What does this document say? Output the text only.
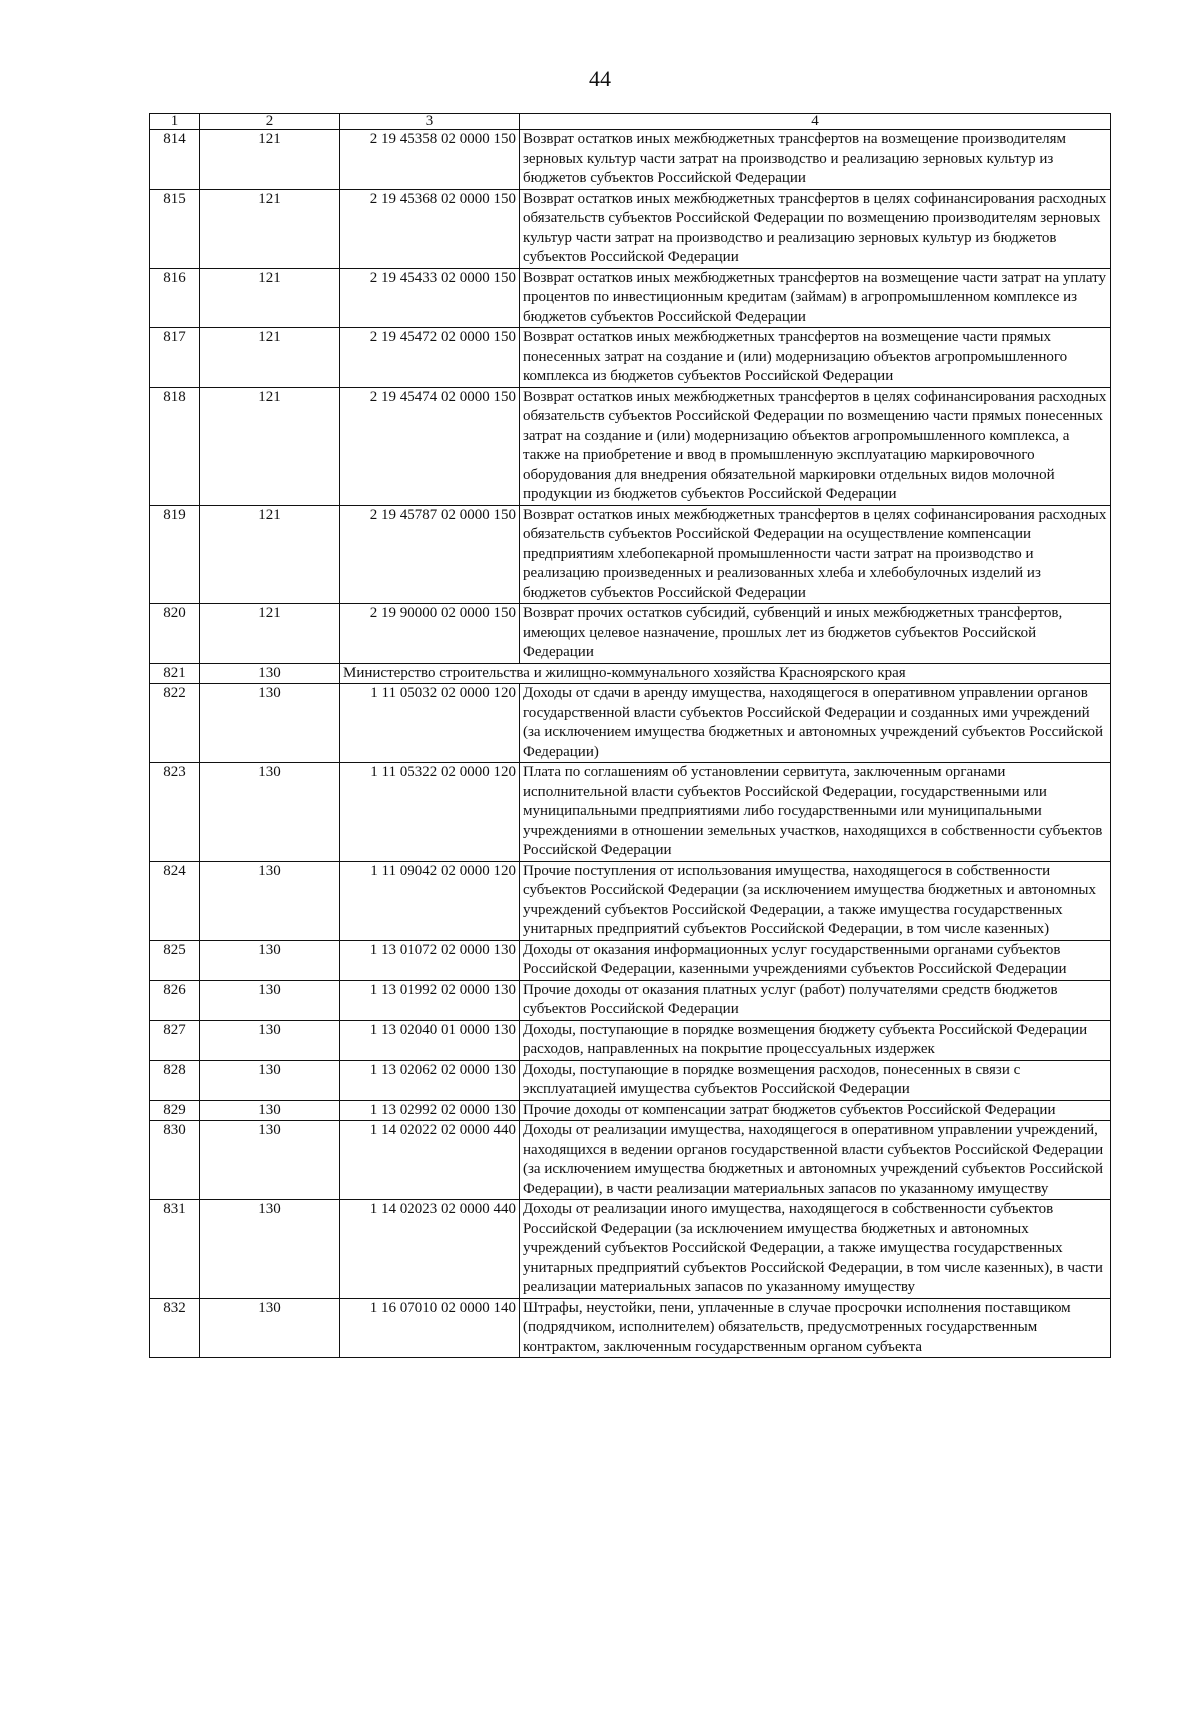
44
1	2	3	4
814	121	2 19 45358 02 0000 150	Возврат остатков иных межбюджетных трансфертов на возмещение производителям зерновых культур части затрат на производство и реализацию зерновых культур из бюджетов субъектов Российской Федерации
815	121	2 19 45368 02 0000 150	Возврат остатков иных межбюджетных трансфертов в целях софинансирования расходных обязательств субъектов Российской Федерации по возмещению производителям зерновых культур части затрат на производство и реализацию зерновых культур из бюджетов субъектов Российской Федерации
816	121	2 19 45433 02 0000 150	Возврат остатков иных межбюджетных трансфертов на возмещение части затрат на уплату процентов по инвестиционным кредитам (займам) в агропромышленном комплексе из бюджетов субъектов Российской Федерации
817	121	2 19 45472 02 0000 150	Возврат остатков иных межбюджетных трансфертов на возмещение части прямых понесенных затрат на создание и (или) модернизацию объектов агропромышленного комплекса из бюджетов субъектов Российской Федерации
818	121	2 19 45474 02 0000 150	Возврат остатков иных межбюджетных трансфертов в целях софинансирования расходных обязательств субъектов Российской Федерации по возмещению части прямых понесенных затрат на создание и (или) модернизацию объектов агропромышленного комплекса, а также на приобретение и ввод в промышленную эксплуатацию маркировочного оборудования для внедрения обязательной маркировки отдельных видов молочной продукции из бюджетов субъектов Российской Федерации
819	121	2 19 45787 02 0000 150	Возврат остатков иных межбюджетных трансфертов в целях софинансирования расходных обязательств субъектов Российской Федерации на осуществление компенсации предприятиям хлебопекарной промышленности части затрат на производство и реализацию произведенных и реализованных хлеба и хлебобулочных изделий из бюджетов субъектов Российской Федерации
820	121	2 19 90000 02 0000 150	Возврат прочих остатков субсидий, субвенций и иных межбюджетных трансфертов, имеющих целевое назначение, прошлых лет из бюджетов субъектов Российской Федерации
821	130	Министерство строительства и жилищно-коммунального хозяйства Красноярского края	
822	130	1 11 05032 02 0000 120	Доходы от сдачи в аренду имущества, находящегося в оперативном управлении органов государственной власти субъектов Российской Федерации и созданных ими учреждений (за исключением имущества бюджетных и автономных учреждений субъектов Российской Федерации)
823	130	1 11 05322 02 0000 120	Плата по соглашениям об установлении сервитута, заключенным органами исполнительной власти субъектов Российской Федерации, государственными или муниципальными предприятиями либо государственными или муниципальными учреждениями в отношении земельных участков, находящихся в собственности субъектов Российской Федерации
824	130	1 11 09042 02 0000 120	Прочие поступления от использования имущества, находящегося в собственности субъектов Российской Федерации (за исключением имущества бюджетных и автономных учреждений субъектов Российской Федерации, а также имущества государственных унитарных предприятий субъектов Российской Федерации, в том числе казенных)
825	130	1 13 01072 02 0000 130	Доходы от оказания информационных услуг государственными органами субъектов Российской Федерации, казенными учреждениями субъектов Российской Федерации
826	130	1 13 01992 02 0000 130	Прочие доходы от оказания платных услуг (работ) получателями средств бюджетов субъектов Российской Федерации
827	130	1 13 02040 01 0000 130	Доходы, поступающие в порядке возмещения бюджету субъекта Российской Федерации расходов, направленных на покрытие процессуальных издержек
828	130	1 13 02062 02 0000 130	Доходы, поступающие в порядке возмещения расходов, понесенных в связи с эксплуатацией имущества субъектов Российской Федерации
829	130	1 13 02992 02 0000 130	Прочие доходы от компенсации затрат бюджетов субъектов Российской Федерации
830	130	1 14 02022 02 0000 440	Доходы от реализации имущества, находящегося в оперативном управлении учреждений, находящихся в ведении органов государственной власти субъектов Российской Федерации (за исключением имущества бюджетных и автономных учреждений субъектов Российской Федерации), в части реализации материальных запасов по указанному имуществу
831	130	1 14 02023 02 0000 440	Доходы от реализации иного имущества, находящегося в собственности субъектов Российской Федерации (за исключением имущества бюджетных и автономных учреждений субъектов Российской Федерации, а также имущества государственных унитарных предприятий субъектов Российской Федерации, в том числе казенных), в части реализации материальных запасов по указанному имуществу
832	130	1 16 07010 02 0000 140	Штрафы, неустойки, пени, уплаченные в случае просрочки исполнения поставщиком (подрядчиком, исполнителем) обязательств, предусмотренных государственным контрактом, заключенным государственным органом субъекта
